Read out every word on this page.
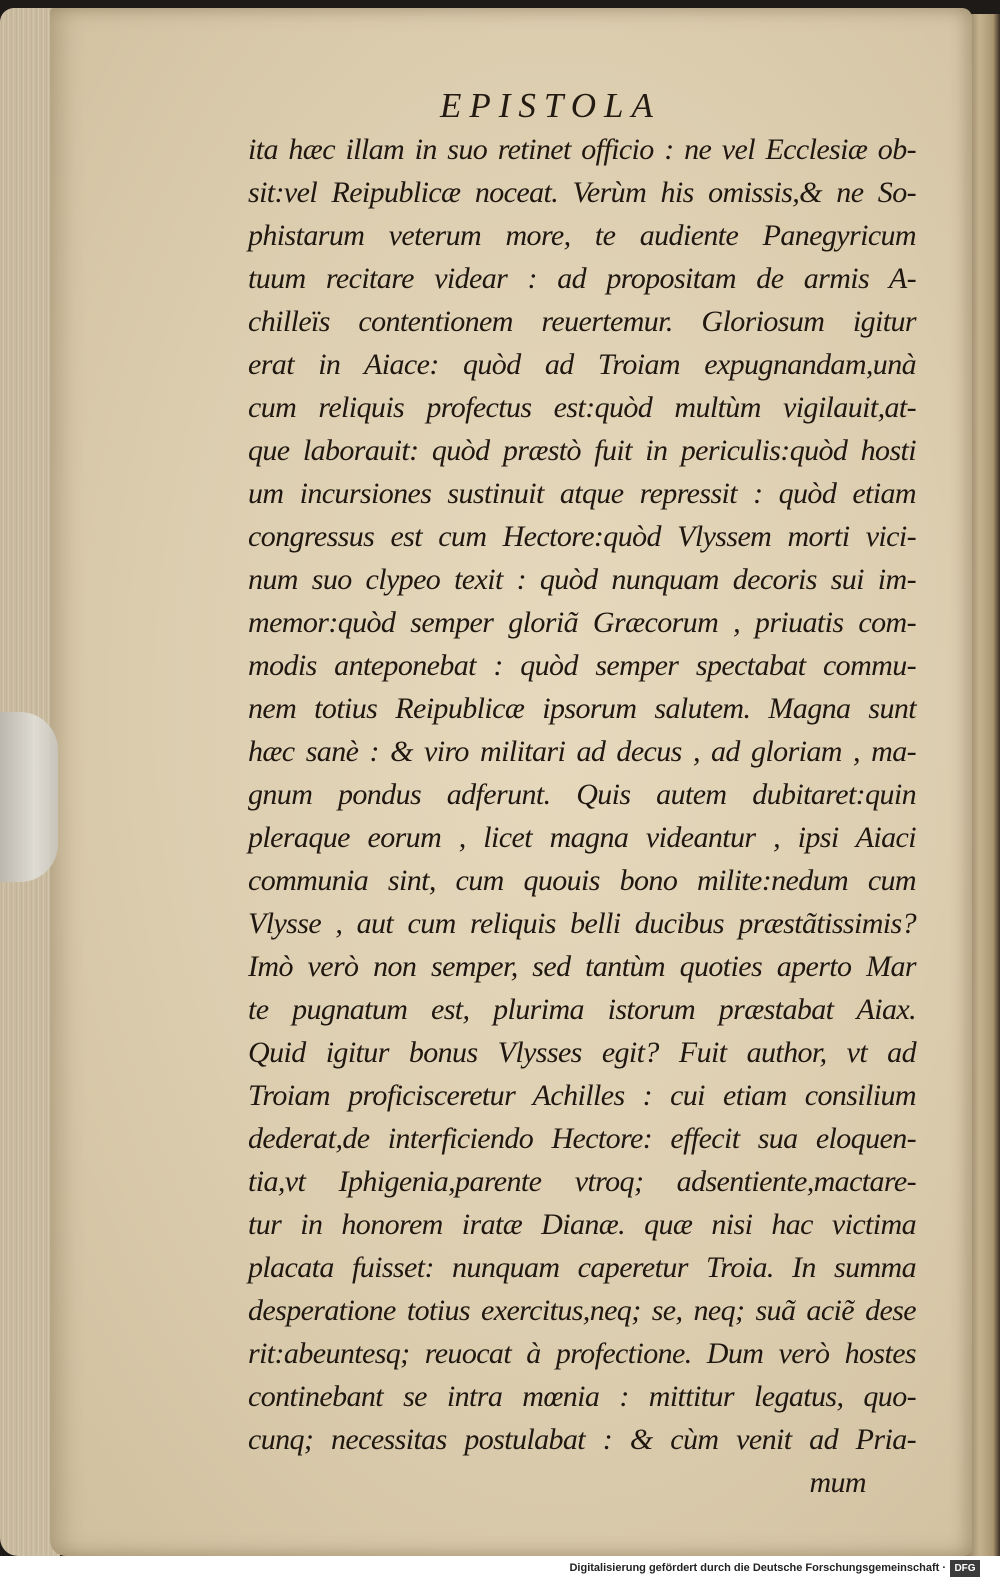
EPISTOLA
ita hæc illam in suo retinet officio : ne vel Ecclesiæ ob-
sit:vel Reipublicæ noceat. Verùm his omissis,& ne So-
phistarum veterum more, te audiente Panegyricum
tuum recitare videar : ad propositam de armis A-
chilleïs contentionem reuertemur. Gloriosum igitur
erat in Aiace: quòd ad Troiam expugnandam,unà
cum reliquis profectus est:quòd multùm vigilauit,at-
que laborauit: quòd præstò fuit in periculis:quòd hosti
um incursiones sustinuit atque repressit : quòd etiam
congressus est cum Hectore:quòd Vlyssem morti vici-
num suo clypeo texit : quòd nunquam decoris sui im-
memor:quòd semper gloriã Græcorum , priuatis com-
modis anteponebat : quòd semper spectabat commu-
nem totius Reipublicæ ipsorum salutem. Magna sunt
hæc sanè : & viro militari ad decus , ad gloriam , ma-
gnum pondus adferunt. Quis autem dubitaret:quin
pleraque eorum , licet magna videantur , ipsi Aiaci
communia sint, cum quouis bono milite:nedum cum
Vlysse , aut cum reliquis belli ducibus præstãtissimis?
Imò verò non semper, sed tantùm quoties aperto Mar
te pugnatum est, plurima istorum præstabat Aiax.
Quid igitur bonus Vlysses egit? Fuit author, vt ad
Troiam proficisceretur Achilles : cui etiam consilium
dederat,de interficiendo Hectore: effecit sua eloquen-
tia,vt Iphigenia,parente vtroq; adsentiente,mactare-
tur in honorem iratæ Dianæ. quæ nisi hac victima
placata fuisset: nunquam caperetur Troia. In summa
desperatione totius exercitus,neq; se, neq; suã aciẽ dese
rit:abeuntesq; reuocat à profectione. Dum verò hostes
continebant se intra mœnia : mittitur legatus, quo-
cunq; necessitas postulabat : & cùm venit ad Pria-
mum
Digitalisierung gefördert durch die Deutsche Forschungsgemeinschaft · DFG
